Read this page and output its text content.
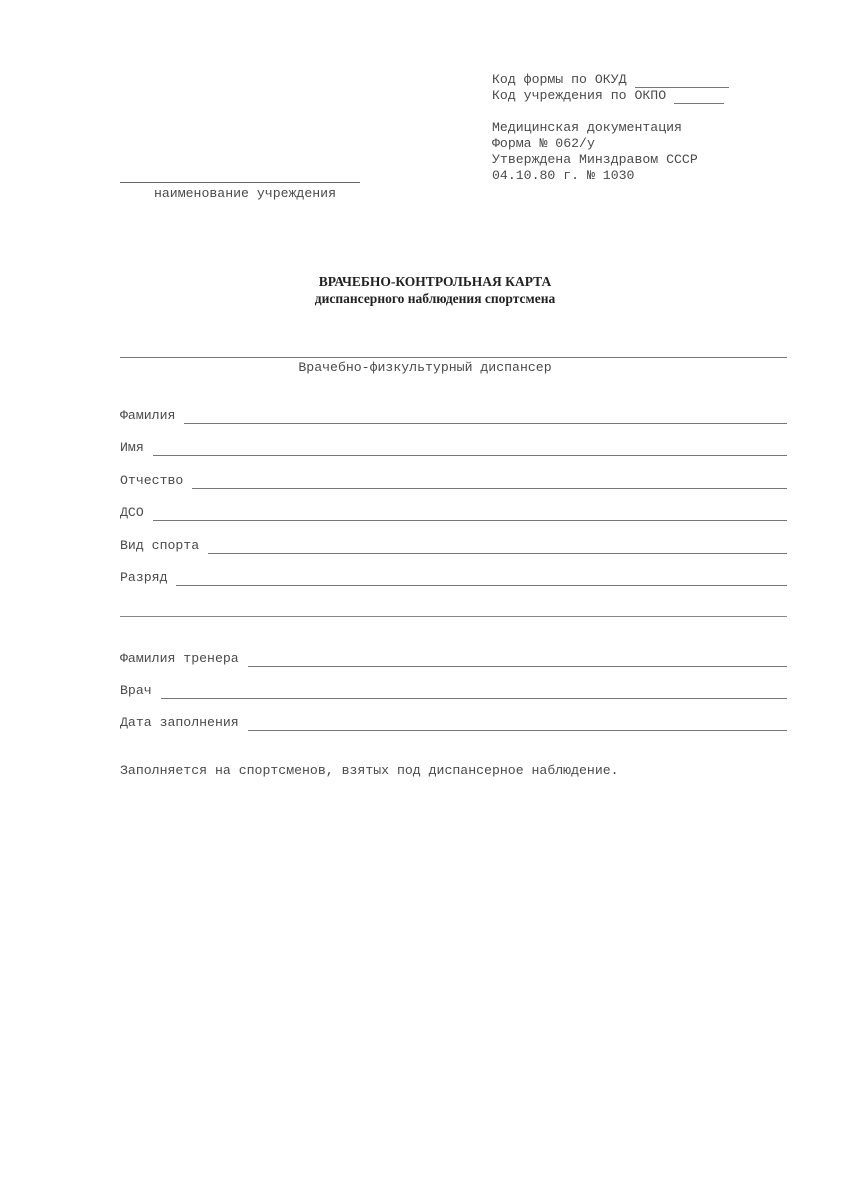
Код формы по ОКУД
Код учреждения по ОКПО
Медицинская документация
Форма № 062/у
Утверждена Минздравом СССР
04.10.80 г. № 1030
наименование учреждения
ВРАЧЕБНО-КОНТРОЛЬНАЯ КАРТА
диспансерного наблюдения спортсмена
Врачебно-физкультурный диспансер
Фамилия
Имя
Отчество
ДСО
Вид спорта
Разряд
Фамилия тренера
Врач
Дата заполнения
Заполняется на спортсменов, взятых под диспансерное наблюдение.
